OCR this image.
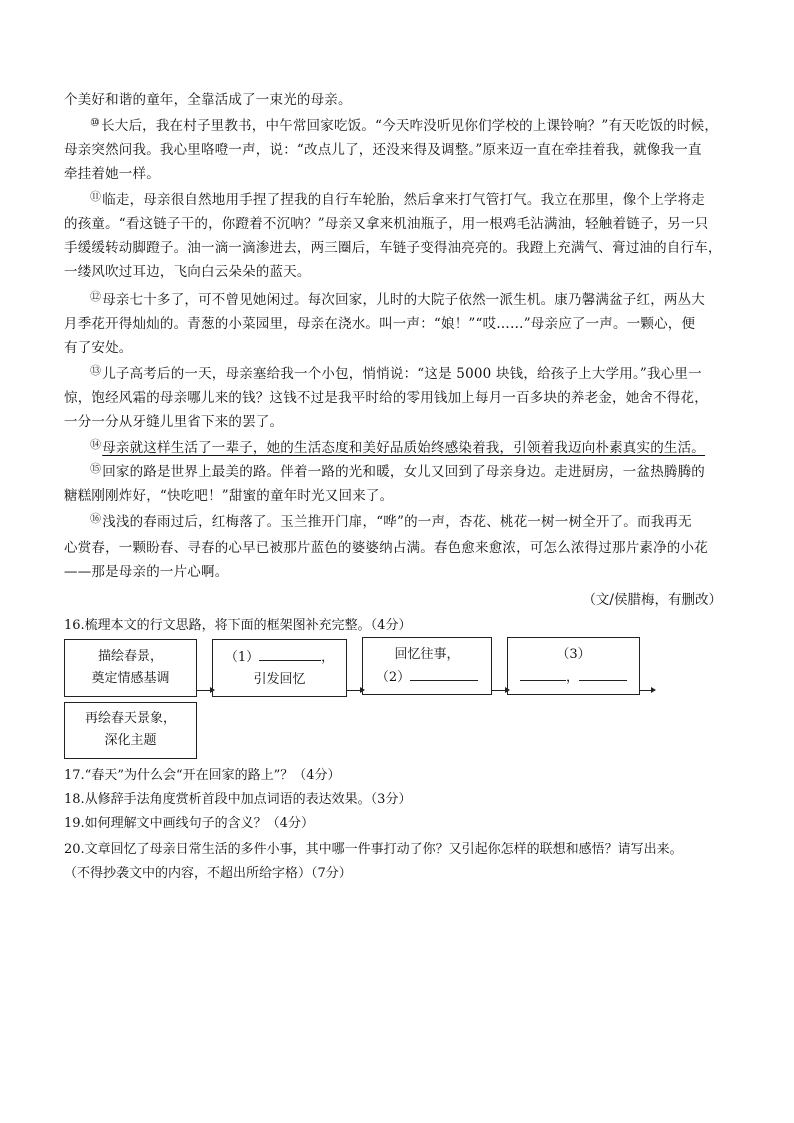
个美好和谐的童年，全靠活成了一束光的母亲。
⑩长大后，我在村子里教书，中午常回家吃饭。“今天咋没听见你们学校的上课铃响？”有天吃饭的时候，
母亲突然问我。我心里咯噔一声，说：“改点儿了，还没来得及调整。”原来迈一直在牵挂着我，就像我一直
牵挂着她一样。
⑪临走，母亲很自然地用手捏了捏我的自行车轮胎，然后拿来打气管打气。我立在那里，像个上学将走
的孩童。“看这链子干的，你蹬着不沉呐？”母亲又拿来机油瓶子，用一根鸡毛沾满油，轻触着链子，另一只
手缓缓转动脚蹬子。油一滴一滴渗进去，两三圈后，车链子变得油亮亮的。我蹬上充满气、膏过油的自行车，
一缕风吹过耳边，飞向白云朵朵的蓝天。
⑫母亲七十多了，可不曾见她闲过。每次回家，儿时的大院子依然一派生机。康乃馨满盆子红，两丛大
月季花开得灿灿的。青葱的小菜园里，母亲在浇水。叫一声：“娘！”“哎……”母亲应了一声。一颗心，便
有了安处。
⑬儿子高考后的一天，母亲塞给我一个小包，悄悄说：“这是 5000 块钱，给孩子上大学用。”我心里一
惊，饱经风霜的母亲哪儿来的钱？这钱不过是我平时给的零用钱加上每月一百多块的养老金，她舍不得花，
一分一分从牙缝儿里省下来的罢了。
⑭母亲就这样生活了一辈子，她的生活态度和美好品质始终感染着我，引领着我迈向朴素真实的生活。
⑮回家的路是世界上最美的路。伴着一路的光和暖，女儿又回到了母亲身边。走进厨房，一盆热腾腾的
糖糕刚刚炸好，“快吃吧！”甜蜜的童年时光又回来了。
⑯浅浅的春雨过后，红梅落了。玉兰推开门扉，“哗”的一声，杏花、桃花一树一树全开了。而我再无
心赏春，一颗盼春、寻春的心早已被那片蓝色的婆婆纳占满。春色愈来愈浓，可怎么浓得过那片素净的小花
——那是母亲的一片心啊。
（文/侯腊梅，有删改）
16.梳理本文的行文思路，将下面的框架图补充完整。（4分）
描绘春景，
奠定情感基调
（1）	，
引发回忆
回忆往事，
（2）
（3）
，
再绘春天景象，
深化主题
17.“春天”为什么会“开在回家的路上”？（4分）
18.从修辞手法角度赏析首段中加点词语的表达效果。（3分）
19.如何理解文中画线句子的含义？（4分）
20.文章回忆了母亲日常生活的多件小事，其中哪一件事打动了你？又引起你怎样的联想和感悟？请写出来。
（不得抄袭文中的内容，不超出所给字格）（7分）
